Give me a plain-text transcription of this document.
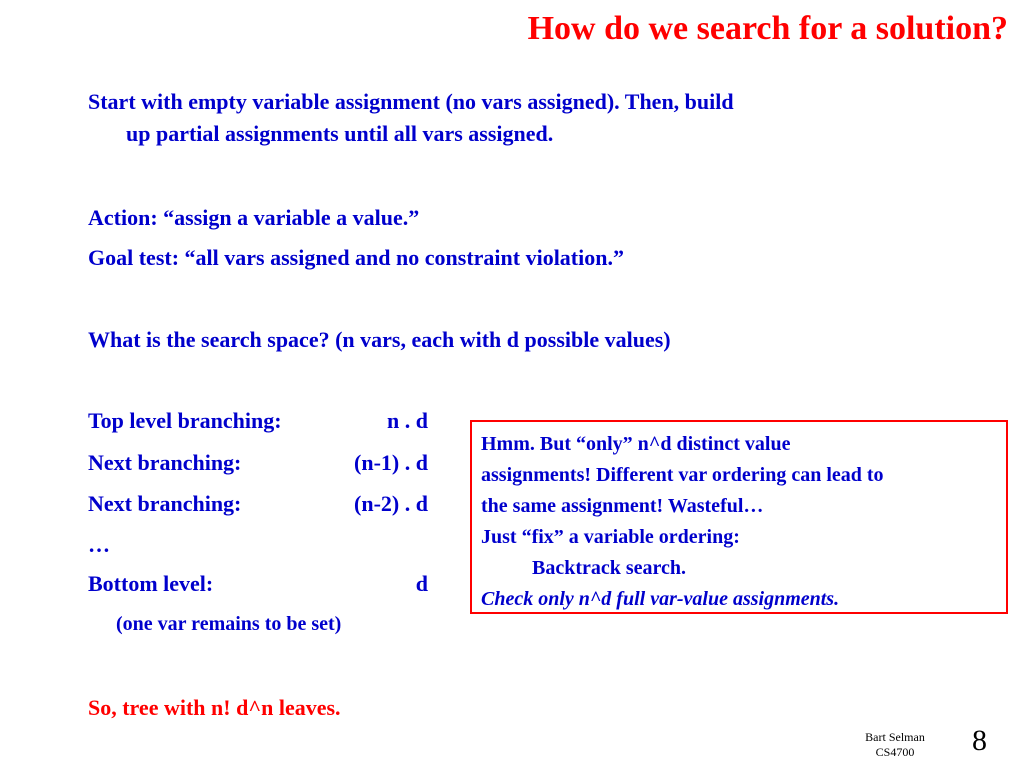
How do we search for a solution?
Start with empty variable assignment (no vars assigned). Then, build
up partial assignments until all vars assigned.
Action: “assign a variable a value.”
Goal test: “all vars assigned and no constraint violation.”
What is the search space? (n vars, each with d possible values)
Top level branching:	n . d
Next branching:	(n-1) . d
Next branching:	(n-2) . d
…
Bottom level:	d
(one var remains to be set)
So, tree with n! d^n leaves.
Hmm. But “only” n^d distinct value
assignments! Different var ordering can lead to
the same assignment! Wasteful…
Just “fix” a variable ordering:
Backtrack search.
Check only n^d full var-value assignments.
Bart Selman
CS4700	8
